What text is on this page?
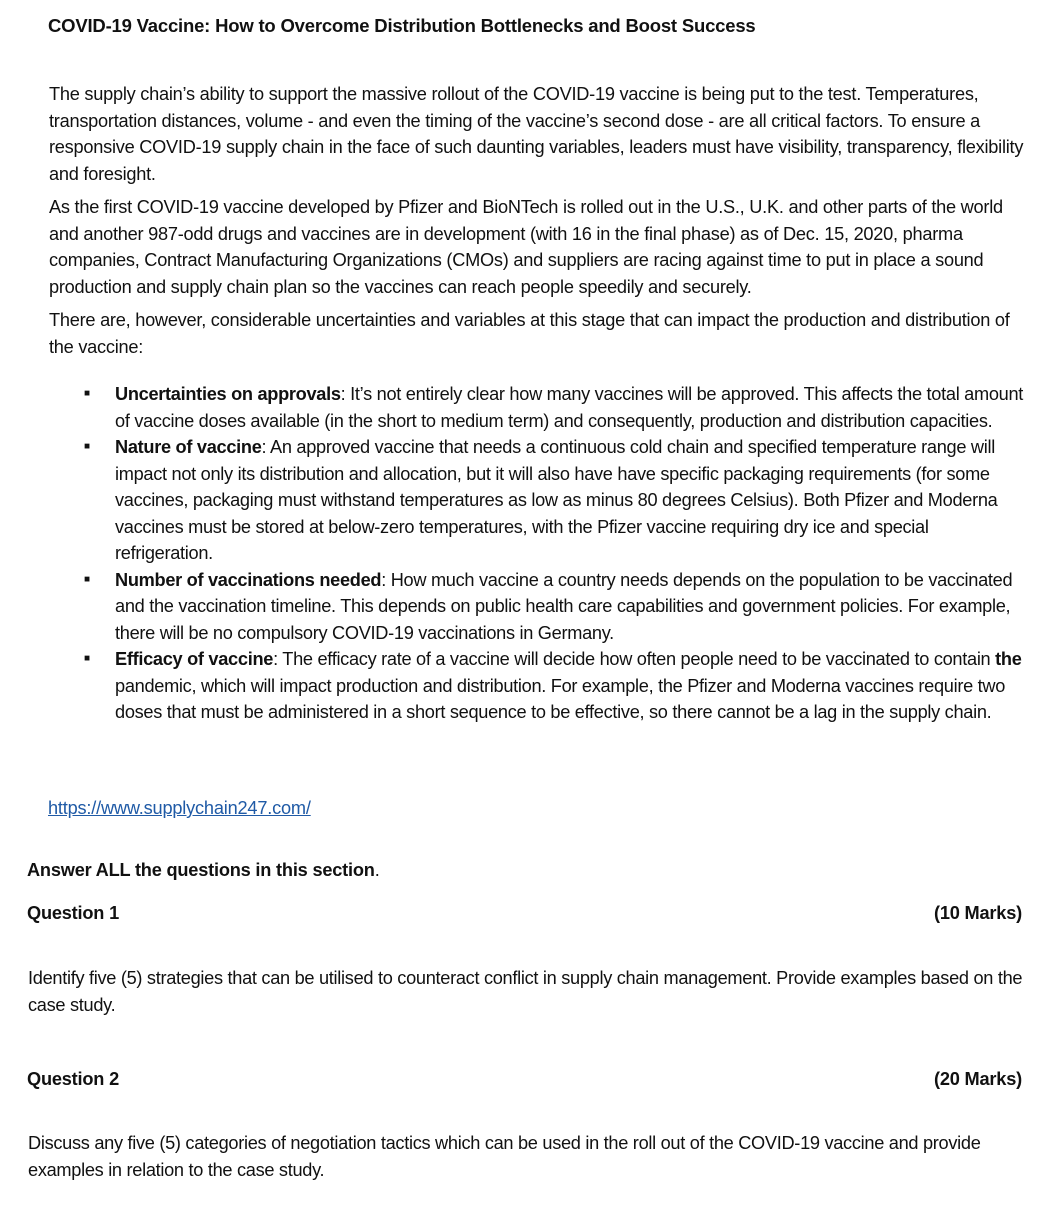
COVID-19 Vaccine: How to Overcome Distribution Bottlenecks and Boost Success

The supply chain’s ability to support the massive rollout of the COVID-19 vaccine is being put to the test. Temperatures, transportation distances, volume - and even the timing of the vaccine’s second dose - are all critical factors. To ensure a responsive COVID-19 supply chain in the face of such daunting variables, leaders must have visibility, transparency, flexibility and foresight.

As the first COVID-19 vaccine developed by Pfizer and BioNTech is rolled out in the U.S., U.K. and other parts of the world and another 987-odd drugs and vaccines are in development (with 16 in the final phase) as of Dec. 15, 2020, pharma companies, Contract Manufacturing Organizations (CMOs) and suppliers are racing against time to put in place a sound production and supply chain plan so the vaccines can reach people speedily and securely.

There are, however, considerable uncertainties and variables at this stage that can impact the production and distribution of the vaccine:

■ Uncertainties on approvals: It’s not entirely clear how many vaccines will be approved. This affects the total amount of vaccine doses available (in the short to medium term) and consequently, production and distribution capacities.
■ Nature of vaccine: An approved vaccine that needs a continuous cold chain and specified temperature range will impact not only its distribution and allocation, but it will also have have specific packaging requirements (for some vaccines, packaging must withstand temperatures as low as minus 80 degrees Celsius). Both Pfizer and Moderna vaccines must be stored at below-zero temperatures, with the Pfizer vaccine requiring dry ice and special refrigeration.
■ Number of vaccinations needed: How much vaccine a country needs depends on the population to be vaccinated and the vaccination timeline. This depends on public health care capabilities and government policies. For example, there will be no compulsory COVID-19 vaccinations in Germany.
■ Efficacy of vaccine: The efficacy rate of a vaccine will decide how often people need to be vaccinated to contain the pandemic, which will impact production and distribution. For example, the Pfizer and Moderna vaccines require two doses that must be administered in a short sequence to be effective, so there cannot be a lag in the supply chain.
https://www.supplychain247.com/
Answer ALL the questions in this section.
Question 1	(10 Marks)

Identify five (5) strategies that can be utilised to counteract conflict in supply chain management. Provide examples based on the case study.

Question 2	(20 Marks)

Discuss any five (5) categories of negotiation tactics which can be used in the roll out of the COVID-19 vaccine and provide examples in relation to the case study.
